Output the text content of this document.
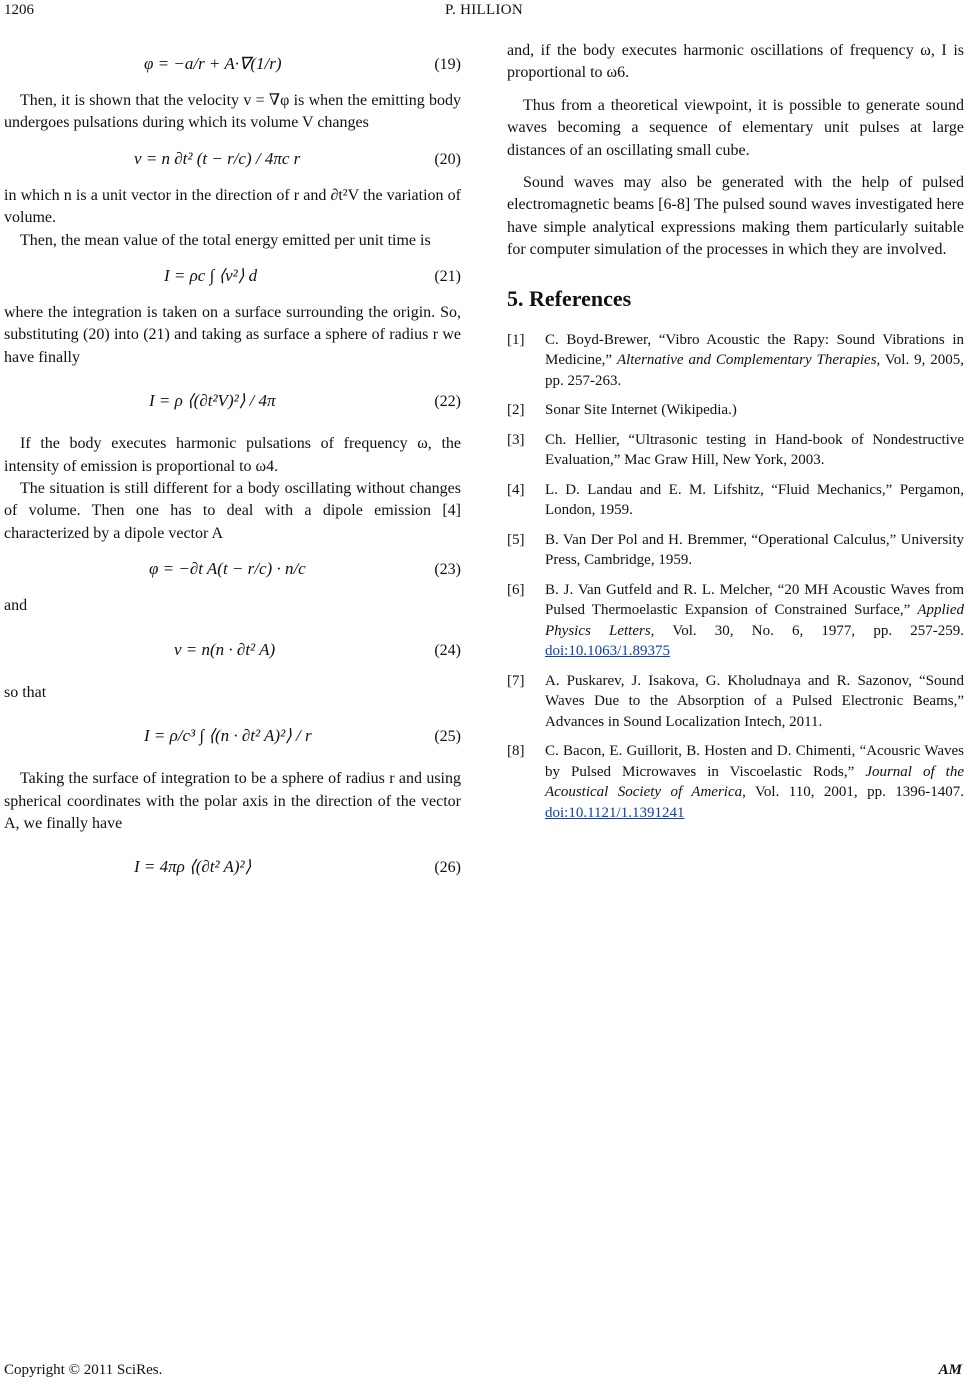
1206	P. HILLION
φ = −a/r + A·∇(1/r)	(19)

Then, it is shown that the velocity v = ∇φ is when the emitting body undergoes pulsations during which its volume V changes

v = n ∂t² (t − r/c) / 4πc r	(20)

in which n is a unit vector in the direction of r and ∂t²V the variation of volume.

Then, the mean value of the total energy emitted per unit time is

I = ρc ∫ ⟨v²⟩ d	(21)

where the integration is taken on a surface surrounding the origin. So, substituting (20) into (21) and taking as surface a sphere of radius r we have finally

I = ρ ⟨(∂t²V)²⟩ / 4π	(22)

If the body executes harmonic pulsations of frequency ω, the intensity of emission is proportional to ω4.

The situation is still different for a body oscillating without changes of volume. Then one has to deal with a dipole emission [4] characterized by a dipole vector A

φ = −∂t A(t − r/c) · n/c	(23)

and

v = n(n · ∂t² A)	(24)

so that

I = ρ/c³ ∫ ⟨(n · ∂t² A)²⟩ / r	(25)

Taking the surface of integration to be a sphere of radius r and using spherical coordinates with the polar axis in the direction of the vector A, we finally have

I = 4πρ ⟨(∂t² A)²⟩	(26)

and, if the body executes harmonic oscillations of frequency ω, I is proportional to ω6.

Thus from a theoretical viewpoint, it is possible to generate sound waves becoming a sequence of elementary unit pulses at large distances of an oscillating small cube.

Sound waves may also be generated with the help of pulsed electromagnetic beams [6-8] The pulsed sound waves investigated here have simple analytical expressions making them particularly suitable for computer simulation of the processes in which they are involved.

5. References
[1] C. Boyd-Brewer, “Vibro Acoustic the Rapy: Sound Vibrations in Medicine,” Alternative and Complementary Therapies, Vol. 9, 2005, pp. 257-263.
[2] Sonar Site Internet (Wikipedia.)
[3] Ch. Hellier, “Ultrasonic testing in Hand-book of Nondestructive Evaluation,” Mac Graw Hill, New York, 2003.
[4] L. D. Landau and E. M. Lifshitz, “Fluid Mechanics,” Pergamon, London, 1959.
[5] B. Van Der Pol and H. Bremmer, “Operational Calculus,” University Press, Cambridge, 1959.
[6] B. J. Van Gutfeld and R. L. Melcher, “20 MH Acoustic Waves from Pulsed Thermoelastic Expansion of Constrained Surface,” Applied Physics Letters, Vol. 30, No. 6, 1977, pp. 257-259. doi:10.1063/1.89375
[7] A. Puskarev, J. Isakova, G. Kholudnaya and R. Sazonov, “Sound Waves Due to the Absorption of a Pulsed Electronic Beams,” Advances in Sound Localization Intech, 2011.
[8] C. Bacon, E. Guillorit, B. Hosten and D. Chimenti, “Acousric Waves by Pulsed Microwaves in Viscoelastic Rods,” Journal of the Acoustical Society of America, Vol. 110, 2001, pp. 1396-1407. doi:10.1121/1.1391241
Copyright © 2011 SciRes.	AM
